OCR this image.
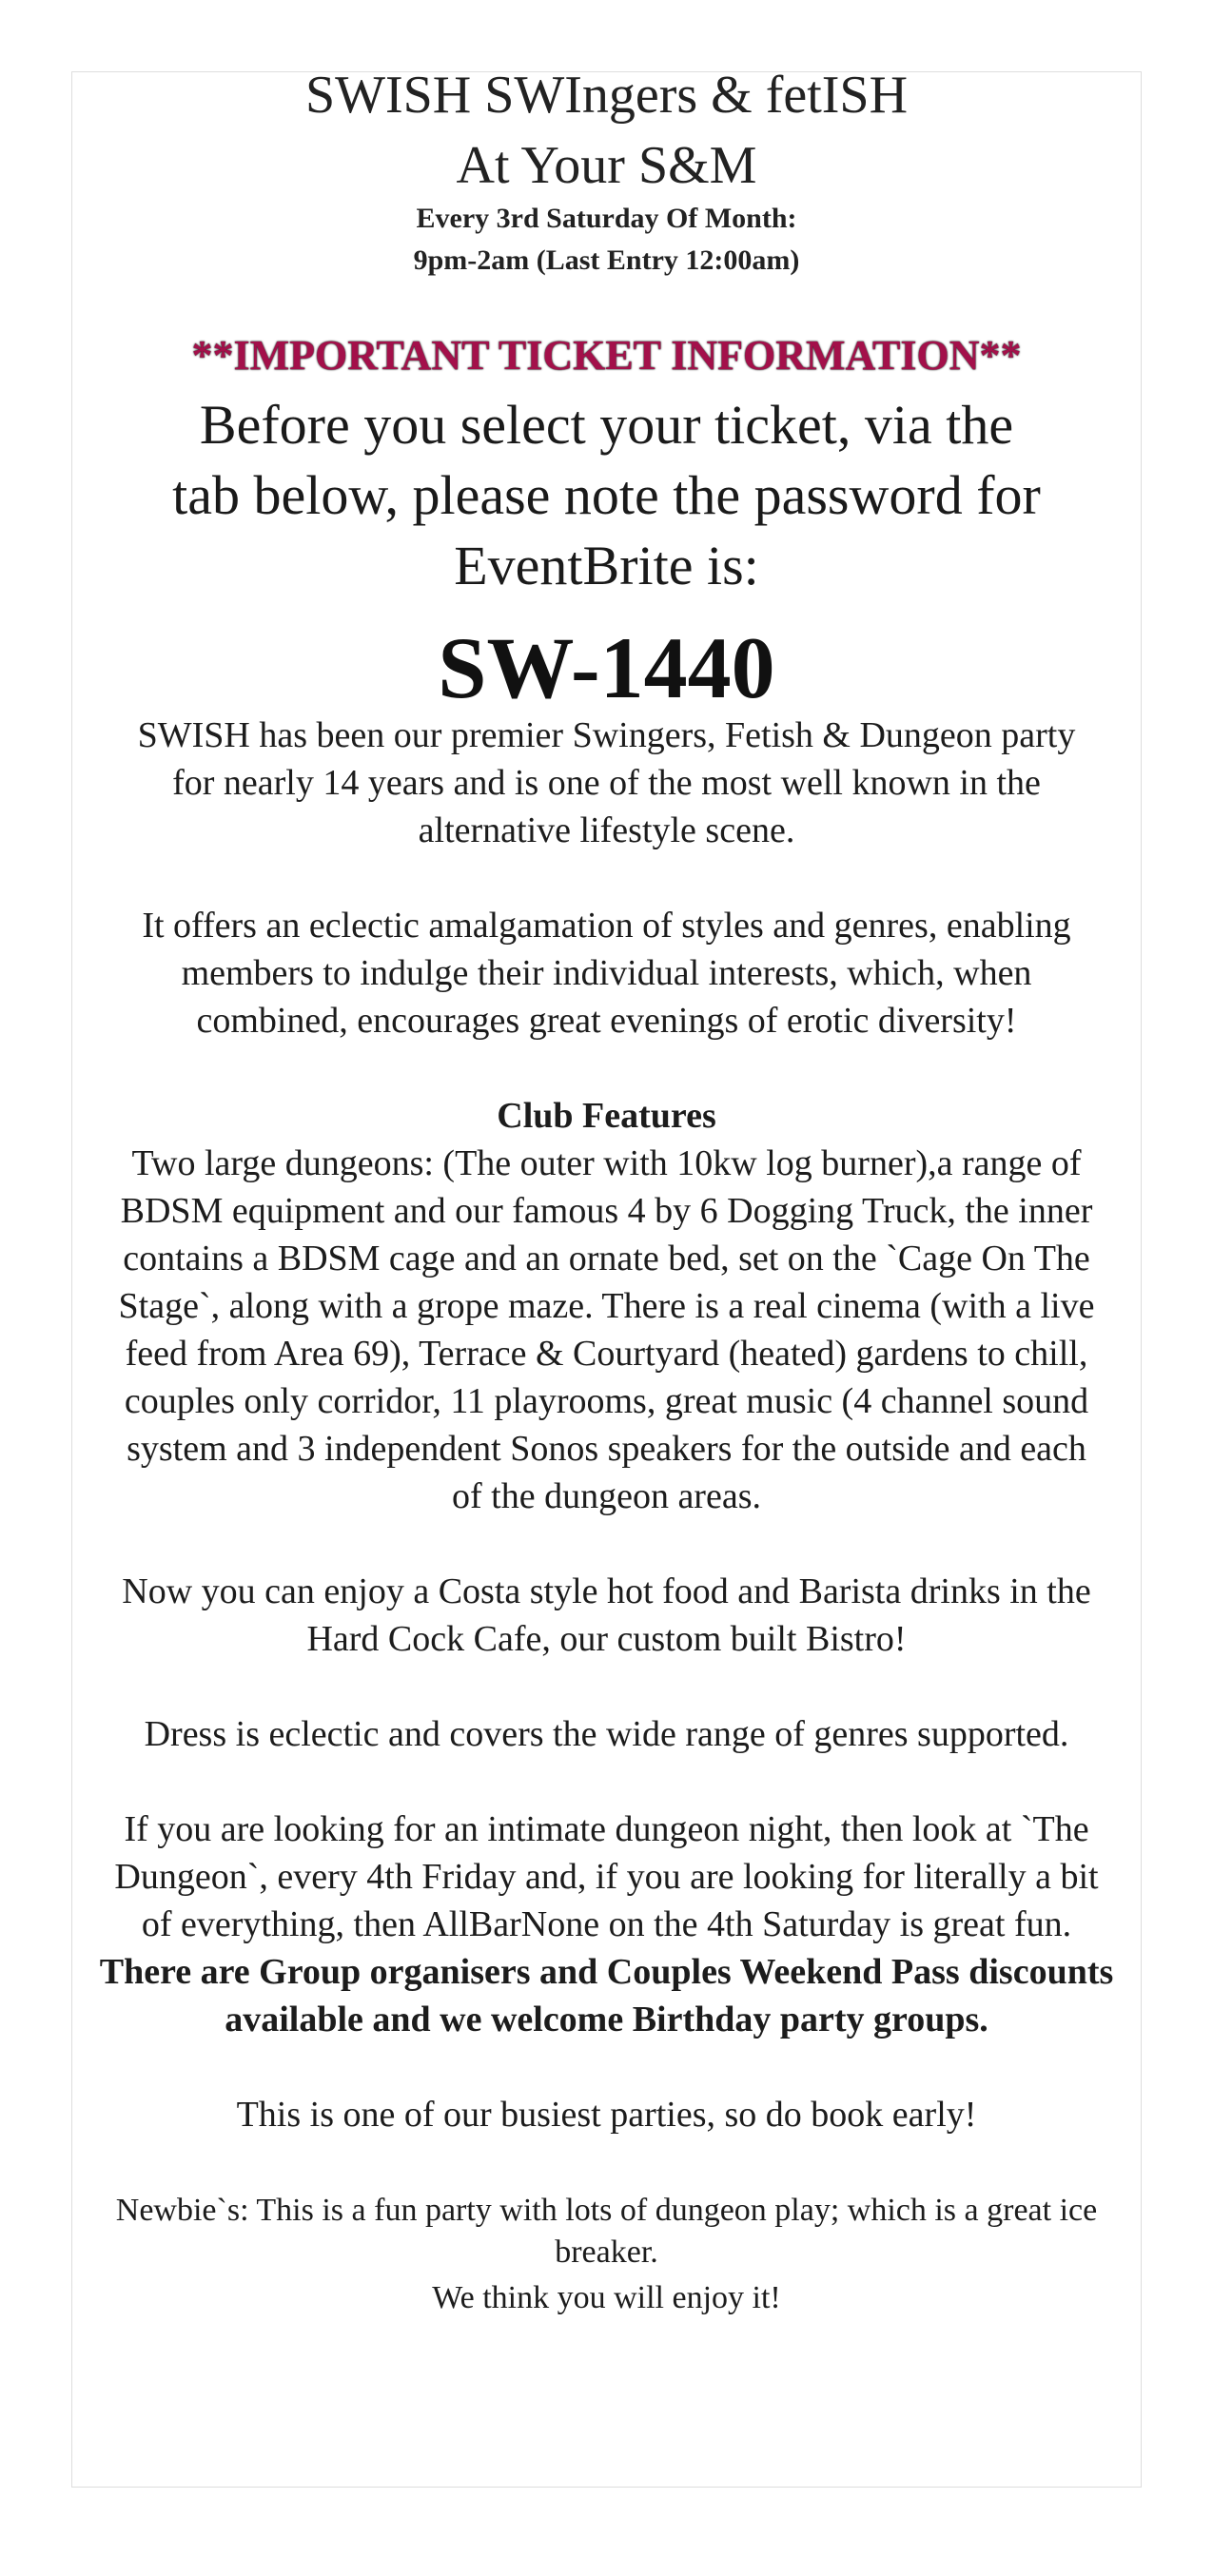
SWISH SWIngers & fetISH
At Your S&M
Every 3rd Saturday Of Month:
9pm-2am (Last Entry 12:00am)
**IMPORTANT TICKET INFORMATION**
Before you select your ticket, via the
tab below, please note the password for
EventBrite is:
SW-1440
SWISH has been our premier Swingers, Fetish & Dungeon party
for nearly 14 years and is one of the most well known in the
alternative lifestyle scene.
It offers an eclectic amalgamation of styles and genres, enabling
members to indulge their individual interests, which, when
combined, encourages great evenings of erotic diversity!
Club Features
Two large dungeons: (The outer with 10kw log burner),a range of
BDSM equipment and our famous 4 by 6 Dogging Truck, the inner
contains a BDSM cage and an ornate bed, set on the `Cage On The
Stage`, along with a grope maze. There is a real cinema (with a live
feed from Area 69), Terrace & Courtyard (heated) gardens to chill,
couples only corridor, 11 playrooms, great music (4 channel sound
system and 3 independent Sonos speakers for the outside and each
of the dungeon areas.
Now you can enjoy a Costa style hot food and Barista drinks in the
Hard Cock Cafe, our custom built Bistro!
Dress is eclectic and covers the wide range of genres supported.
If you are looking for an intimate dungeon night, then look at `The
Dungeon`, every 4th Friday and, if you are looking for literally a bit
of everything, then AllBarNone on the 4th Saturday is great fun.
There are Group organisers and Couples Weekend Pass discounts
available and we welcome Birthday party groups.
This is one of our busiest parties, so do book early!
Newbie`s: This is a fun party with lots of dungeon play; which is a great ice
breaker.
We think you will enjoy it!
